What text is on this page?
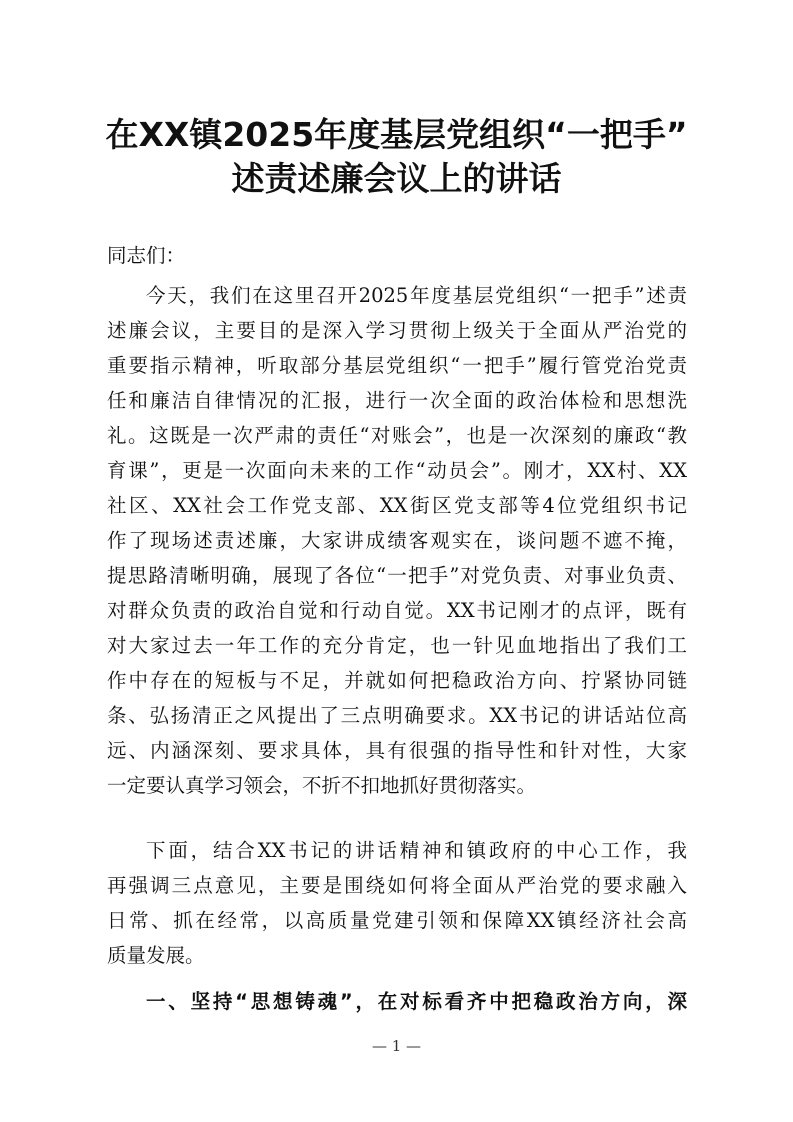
在XX镇2025年度基层党组织“一把手”
述责述廉会议上的讲话

同志们：

今天，我们在这里召开2025年度基层党组织“一把手”述责

述廉会议，主要目的是深入学习贯彻上级关于全面从严治党的

重要指示精神，听取部分基层党组织“一把手”履行管党治党责

任和廉洁自律情况的汇报，进行一次全面的政治体检和思想洗

礼。这既是一次严肃的责任“对账会”，也是一次深刻的廉政“教

育课”，更是一次面向未来的工作“动员会”。刚才，XX村、XX

社区、XX社会工作党支部、XX街区党支部等4位党组织书记

作了现场述责述廉，大家讲成绩客观实在，谈问题不遮不掩，

提思路清晰明确，展现了各位“一把手”对党负责、对事业负责、

对群众负责的政治自觉和行动自觉。XX书记刚才的点评，既有

对大家过去一年工作的充分肯定，也一针见血地指出了我们工

作中存在的短板与不足，并就如何把稳政治方向、拧紧协同链

条、弘扬清正之风提出了三点明确要求。XX书记的讲话站位高

远、内涵深刻、要求具体，具有很强的指导性和针对性，大家

一定要认真学习领会，不折不扣地抓好贯彻落实。

下面，结合XX书记的讲话精神和镇政府的中心工作，我

再强调三点意见，主要是围绕如何将全面从严治党的要求融入

日常、抓在经常，以高质量党建引领和保障XX镇经济社会高

质量发展。

一、坚持“思想铸魂”，在对标看齐中把稳政治方向，深

— 1 —
